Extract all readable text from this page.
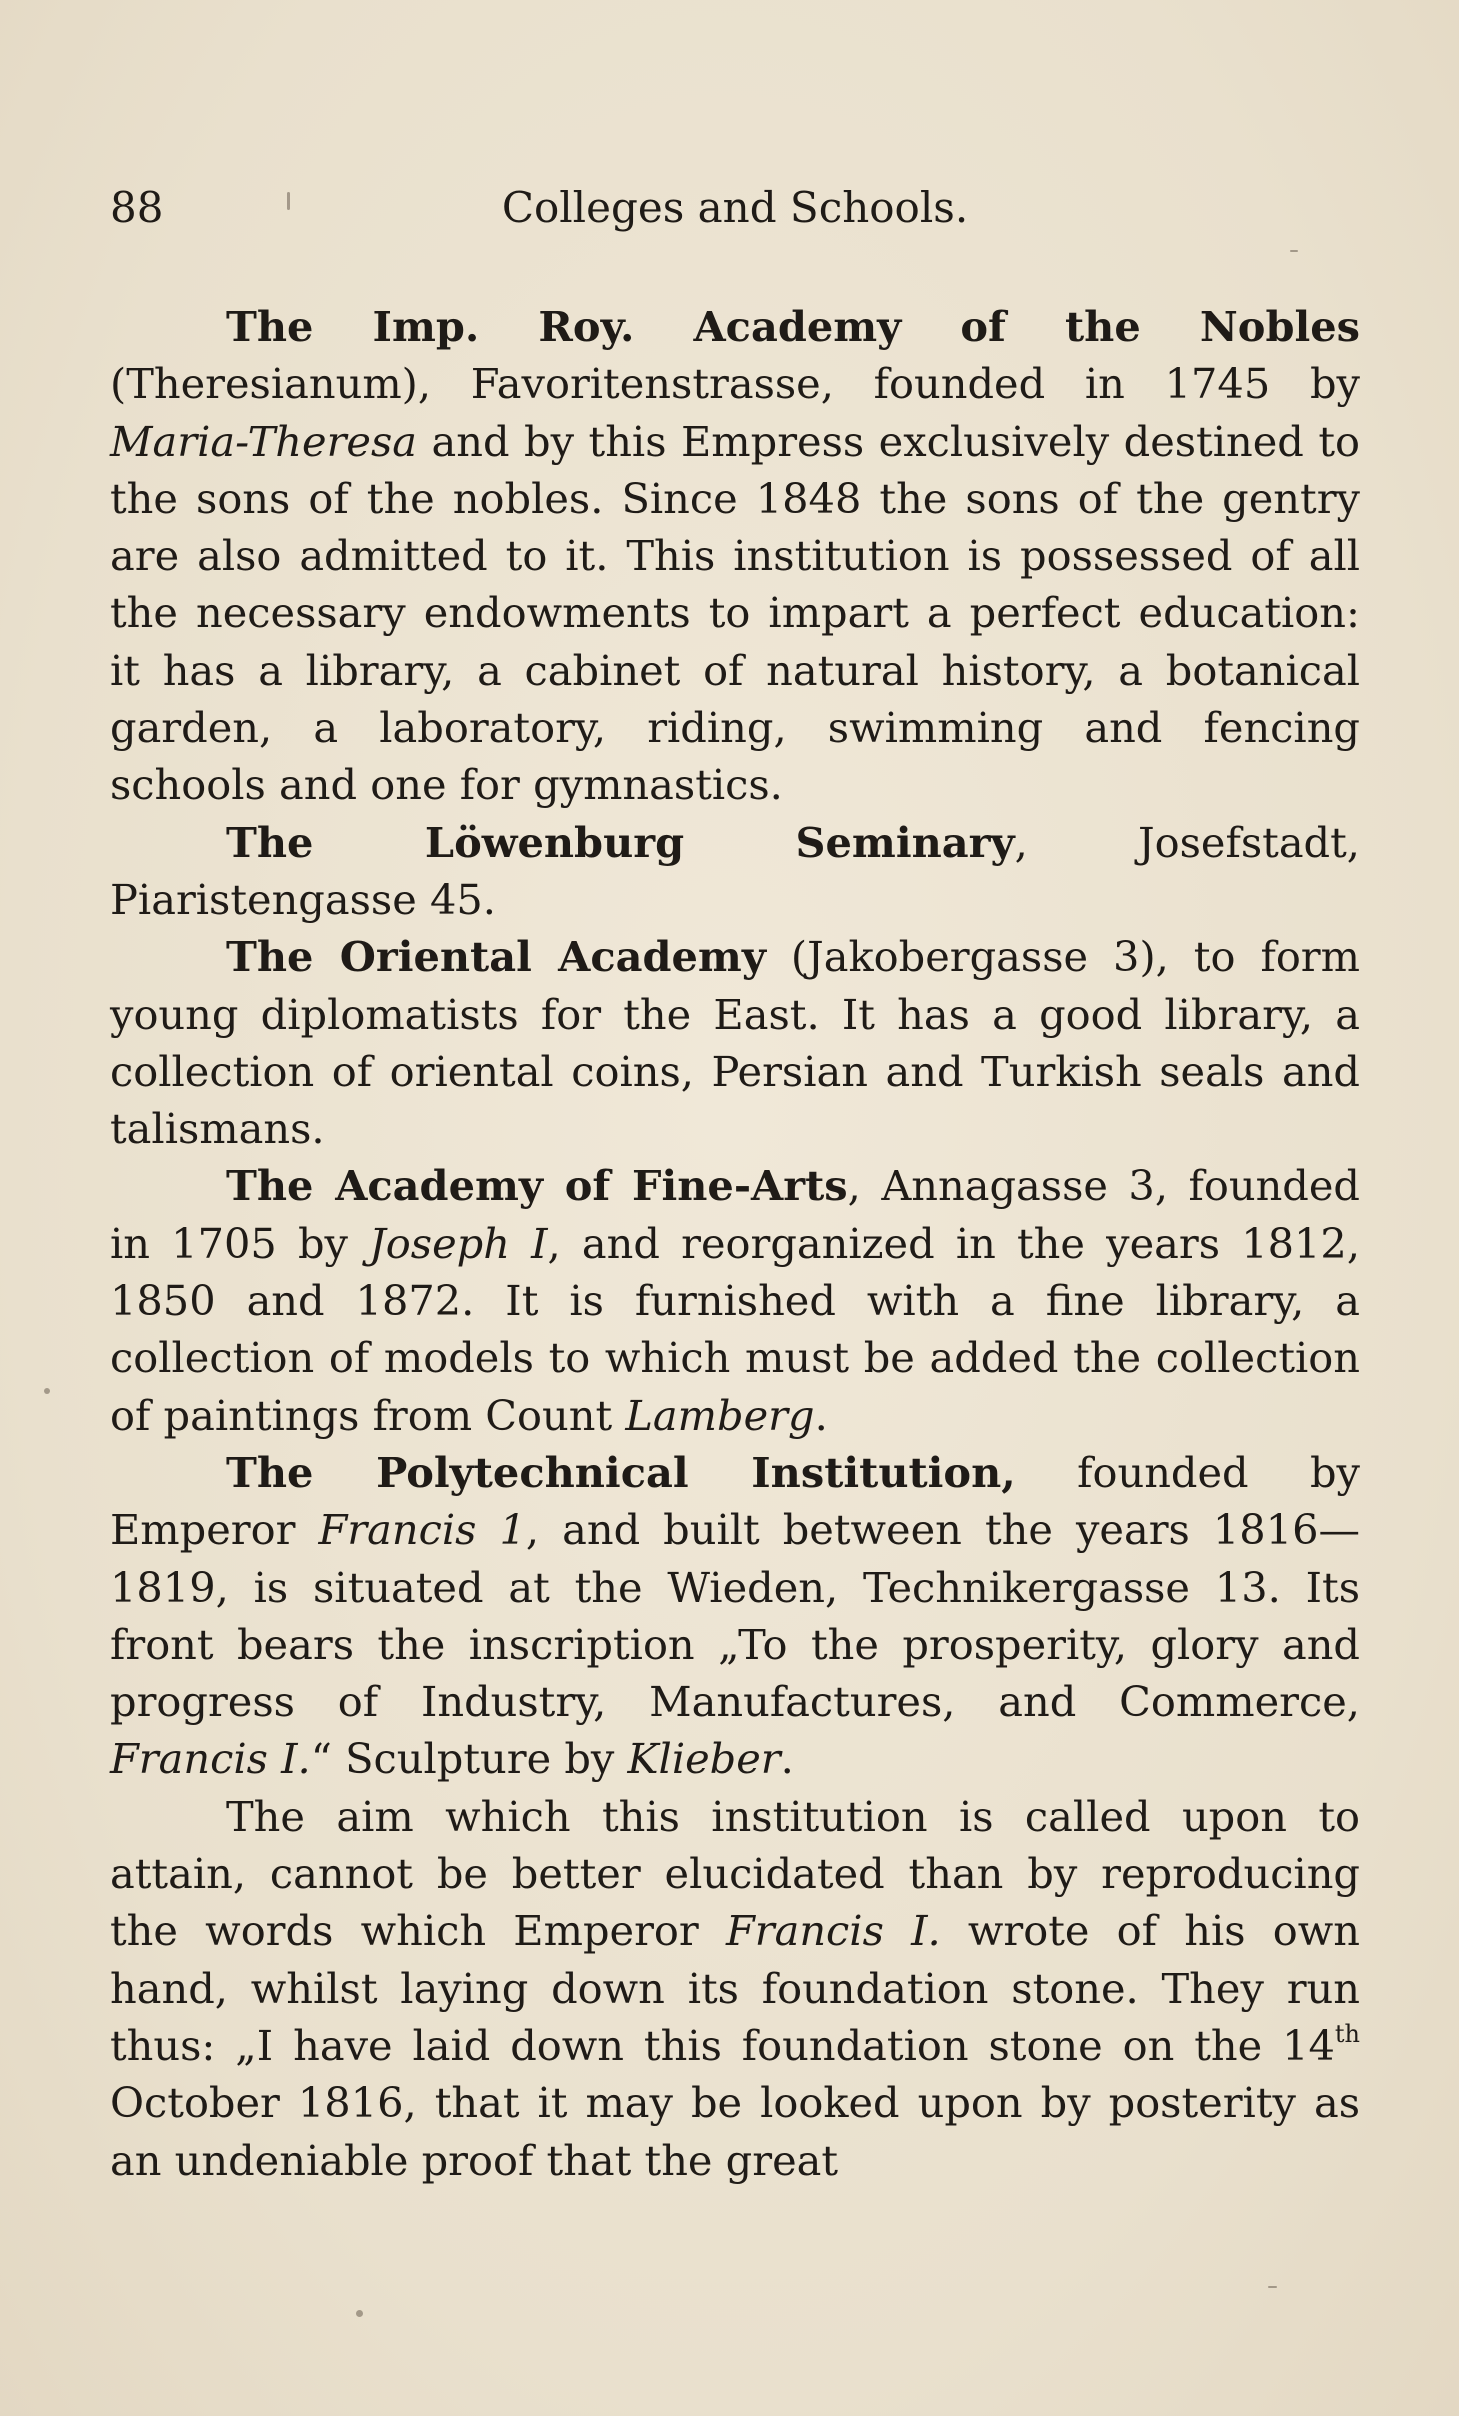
88	Colleges and Schools.

The Imp. Roy. Academy of the Nobles (Theresianum), Favoritenstrasse, founded in 1745 by Maria-Theresa and by this Empress exclusively destined to the sons of the nobles. Since 1848 the sons of the gentry are also admitted to it. This institution is possessed of all the necessary endowments to impart a perfect education: it has a library, a cabinet of natural history, a botanical garden, a laboratory, riding, swimming and fencing schools and one for gymnastics.

The Löwenburg Seminary, Josefstadt, Piaristengasse 45.

The Oriental Academy (Jakobergasse 3), to form young diplomatists for the East. It has a good library, a collection of oriental coins, Persian and Turkish seals and talismans.

The Academy of Fine-Arts, Annagasse 3, founded in 1705 by Joseph I, and reorganized in the years 1812, 1850 and 1872. It is furnished with a fine library, a collection of models to which must be added the collection of paintings from Count Lamberg.

The Polytechnical Institution, founded by Emperor Francis 1, and built between the years 1816—1819, is situated at the Wieden, Technikergasse 13. Its front bears the inscription „To the prosperity, glory and progress of Industry, Manufactures, and Commerce, Francis I.“ Sculpture by Klieber.

The aim which this institution is called upon to attain, cannot be better elucidated than by reproducing the words which Emperor Francis I. wrote of his own hand, whilst laying down its foundation stone. They run thus: „I have laid down this foundation stone on the 14th October 1816, that it may be looked upon by posterity as an undeniable proof that the great
